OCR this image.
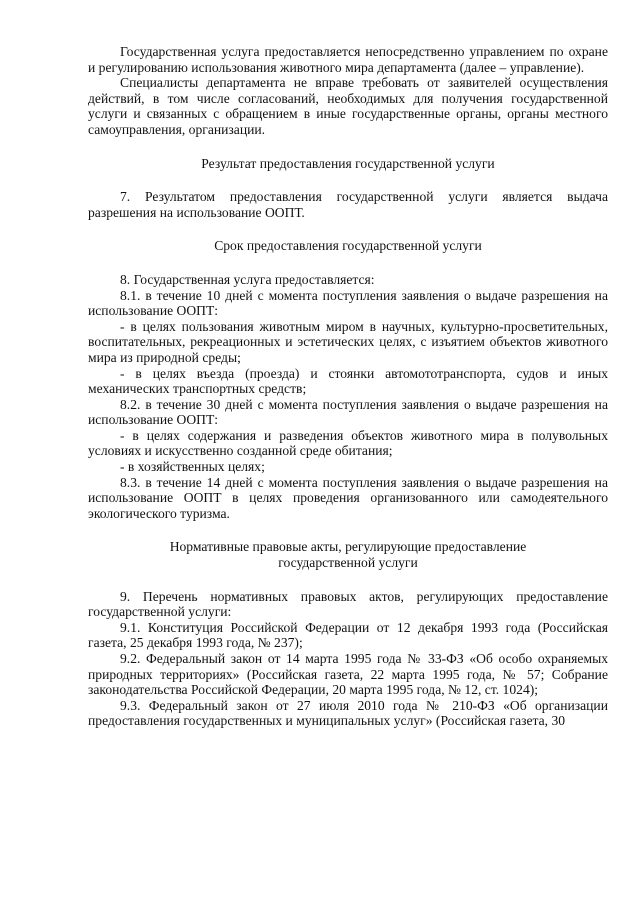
Государственная услуга предоставляется непосредственно управлением по охране и регулированию использования животного мира департамента (далее – управление).

Специалисты департамента не вправе требовать от заявителей осуществления действий, в том числе согласований, необходимых для получения государственной услуги и связанных с обращением в иные государственные органы, органы местного самоуправления, организации.

Результат предоставления государственной услуги

7. Результатом предоставления государственной услуги является выдача разрешения на использование ООПТ.

Срок предоставления государственной услуги

8. Государственная услуга предоставляется:

8.1. в течение 10 дней с момента поступления заявления о выдаче разрешения на использование ООПТ:

- в целях пользования животным миром в научных, культурно-просветительных, воспитательных, рекреационных и эстетических целях, с изъятием объектов животного мира из природной среды;

- в целях въезда (проезда) и стоянки автомототранспорта, судов и иных механических транспортных средств;

8.2. в течение 30 дней с момента поступления заявления о выдаче разрешения на использование ООПТ:

- в целях содержания и разведения объектов животного мира в полувольных условиях и искусственно созданной среде обитания;

- в хозяйственных целях;

8.3. в течение 14 дней с момента поступления заявления о выдаче разрешения на использование ООПТ в целях проведения организованного или самодеятельного экологического туризма.

Нормативные правовые акты, регулирующие предоставление

государственной услуги

9. Перечень нормативных правовых актов, регулирующих предоставление государственной услуги:

9.1. Конституция Российской Федерации от 12 декабря 1993 года (Российская газета, 25 декабря 1993 года, № 237);

9.2. Федеральный закон от 14 марта 1995 года № 33-ФЗ «Об особо охраняемых природных территориях» (Российская газета, 22 марта 1995 года, № 57; Собрание законодательства Российской Федерации, 20 марта 1995 года, № 12, ст. 1024);

9.3. Федеральный закон от 27 июля 2010 года № 210-ФЗ «Об организации предоставления государственных и муниципальных услуг» (Российская газета, 30
